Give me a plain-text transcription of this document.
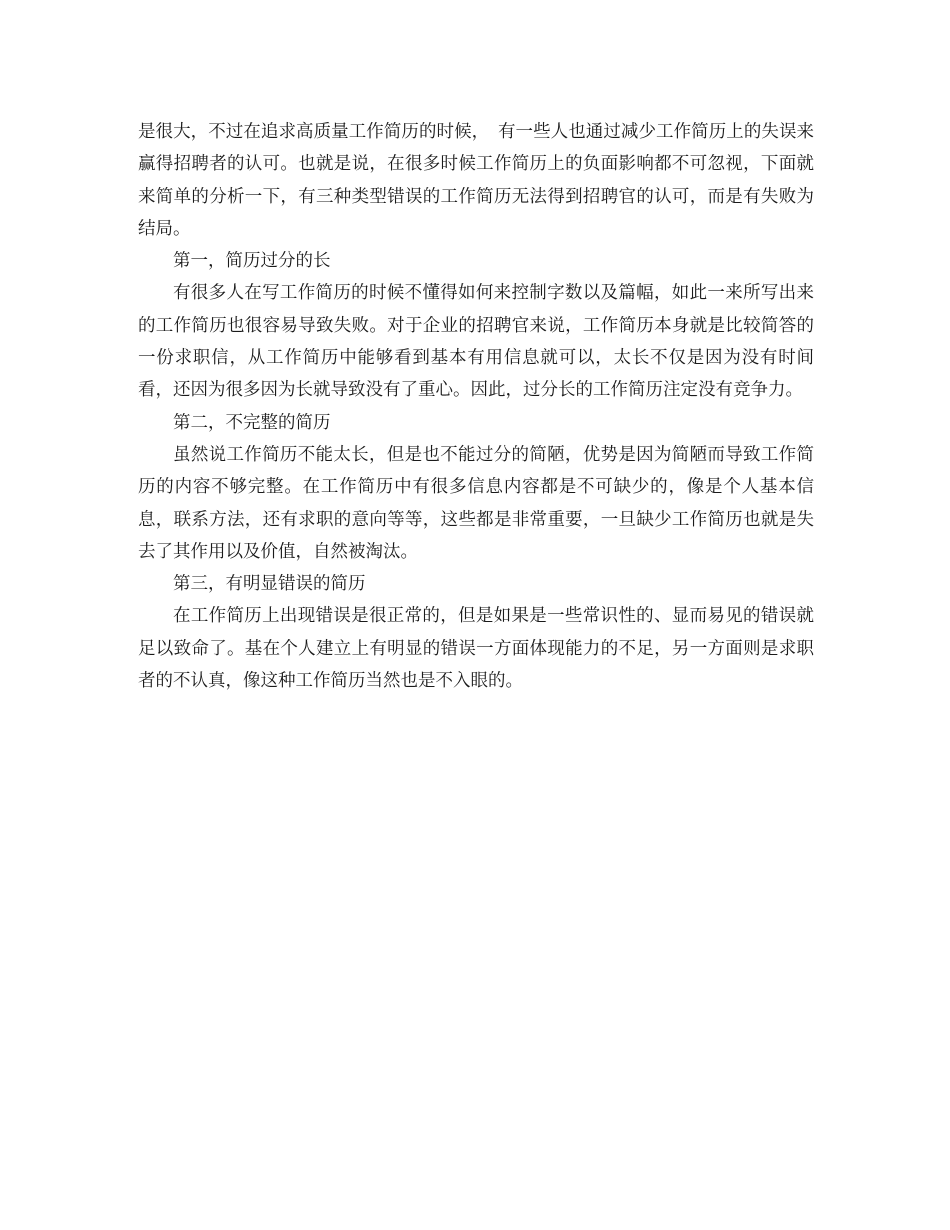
是很大，不过在追求高质量工作简历的时候，　有一些人也通过减少工作简历上的失误来赢得招聘者的认可。也就是说，在很多时候工作简历上的负面影响都不可忽视，下面就来简单的分析一下，有三种类型错误的工作简历无法得到招聘官的认可，而是有失败为结局。

第一，简历过分的长

有很多人在写工作简历的时候不懂得如何来控制字数以及篇幅，如此一来所写出来的工作简历也很容易导致失败。对于企业的招聘官来说，工作简历本身就是比较简答的一份求职信，从工作简历中能够看到基本有用信息就可以，太长不仅是因为没有时间看，还因为很多因为长就导致没有了重心。因此，过分长的工作简历注定没有竞争力。

第二，不完整的简历

虽然说工作简历不能太长，但是也不能过分的简陋，优势是因为简陋而导致工作简历的内容不够完整。在工作简历中有很多信息内容都是不可缺少的，像是个人基本信息，联系方法，还有求职的意向等等，这些都是非常重要，一旦缺少工作简历也就是失去了其作用以及价值，自然被淘汰。

第三，有明显错误的简历

在工作简历上出现错误是很正常的，但是如果是一些常识性的、显而易见的错误就足以致命了。基在个人建立上有明显的错误一方面体现能力的不足，另一方面则是求职者的不认真，像这种工作简历当然也是不入眼的。
